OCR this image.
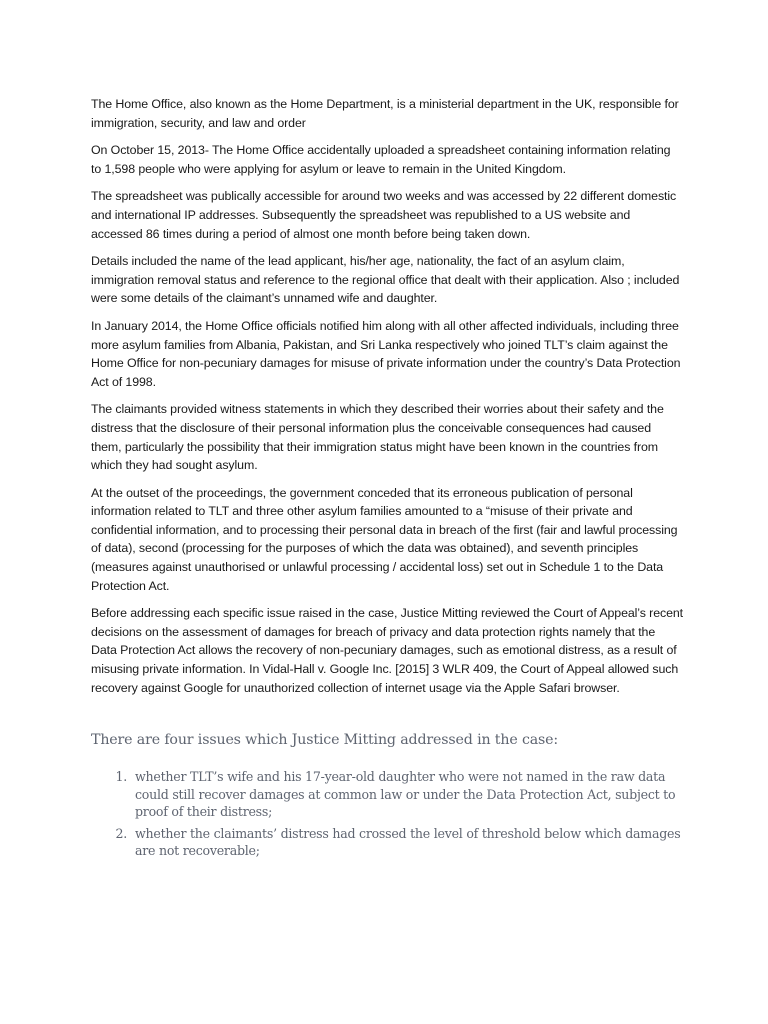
The Home Office, also known as the Home Department, is a ministerial department in the UK, responsible for immigration, security, and law and order

On October 15, 2013- The Home Office accidentally uploaded a spreadsheet containing information relating to 1,598 people who were applying for asylum or leave to remain in the United Kingdom.

The spreadsheet was publically accessible for around two weeks and was accessed by 22 different domestic and international IP addresses. Subsequently the spreadsheet was republished to a US website and accessed 86 times during a period of almost one month before being taken down.

Details included the name of the lead applicant, his/her age, nationality, the fact of an asylum claim, immigration removal status and reference to the regional office that dealt with their application. Also ; included were some details of the claimant’s unnamed wife and daughter.

In January 2014, the Home Office officials notified him along with all other affected individuals, including three more asylum families from Albania, Pakistan, and Sri Lanka respectively who joined TLT’s claim against the Home Office for non-pecuniary damages for misuse of private information under the country’s Data Protection Act of 1998.

The claimants provided witness statements in which they described their worries about their safety and the distress that the disclosure of their personal information plus the conceivable consequences had caused them, particularly the possibility that their immigration status might have been known in the countries from which they had sought asylum.

At the outset of the proceedings, the government conceded that its erroneous publication of personal information related to TLT and three other asylum families amounted to a “misuse of their private and confidential information, and to processing their personal data in breach of the first (fair and lawful processing of data), second (processing for the purposes of which the data was obtained), and seventh principles (measures against unauthorised or unlawful processing / accidental loss) set out in Schedule 1 to the Data Protection Act.

Before addressing each specific issue raised in the case, Justice Mitting reviewed the Court of Appeal’s recent decisions on the assessment of damages for breach of privacy and data protection rights namely that the Data Protection Act allows the recovery of non-pecuniary damages, such as emotional distress, as a result of misusing private information. In Vidal-Hall v. Google Inc. [2015] 3 WLR 409, the Court of Appeal allowed such recovery against Google for unauthorized collection of internet usage via the Apple Safari browser.

There are four issues which Justice Mitting addressed in the case:
1. whether TLT’s wife and his 17-year-old daughter who were not named in the raw data could still recover damages at common law or under the Data Protection Act, subject to proof of their distress;
2. whether the claimants’ distress had crossed the level of threshold below which damages are not recoverable;
